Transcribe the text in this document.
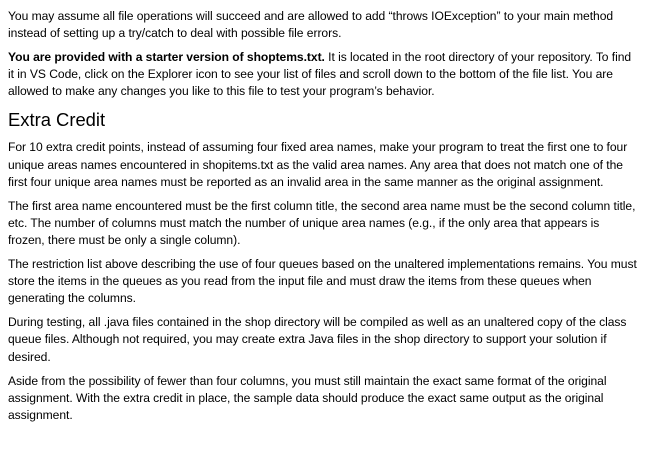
You may assume all file operations will succeed and are allowed to add “throws IOException” to your main method instead of setting up a try/catch to deal with possible file errors.

You are provided with a starter version of shoptems.txt. It is located in the root directory of your repository. To find it in VS Code, click on the Explorer icon to see your list of files and scroll down to the bottom of the file list. You are allowed to make any changes you like to this file to test your program’s behavior.

Extra Credit

For 10 extra credit points, instead of assuming four fixed area names, make your program to treat the first one to four unique areas names encountered in shopitems.txt as the valid area names. Any area that does not match one of the first four unique area names must be reported as an invalid area in the same manner as the original assignment.

The first area name encountered must be the first column title, the second area name must be the second column title, etc. The number of columns must match the number of unique area names (e.g., if the only area that appears is frozen, there must be only a single column).

The restriction list above describing the use of four queues based on the unaltered implementations remains. You must store the items in the queues as you read from the input file and must draw the items from these queues when generating the columns.

During testing, all .java files contained in the shop directory will be compiled as well as an unaltered copy of the class queue files. Although not required, you may create extra Java files in the shop directory to support your solution if desired.

Aside from the possibility of fewer than four columns, you must still maintain the exact same format of the original assignment. With the extra credit in place, the sample data should produce the exact same output as the original assignment.
